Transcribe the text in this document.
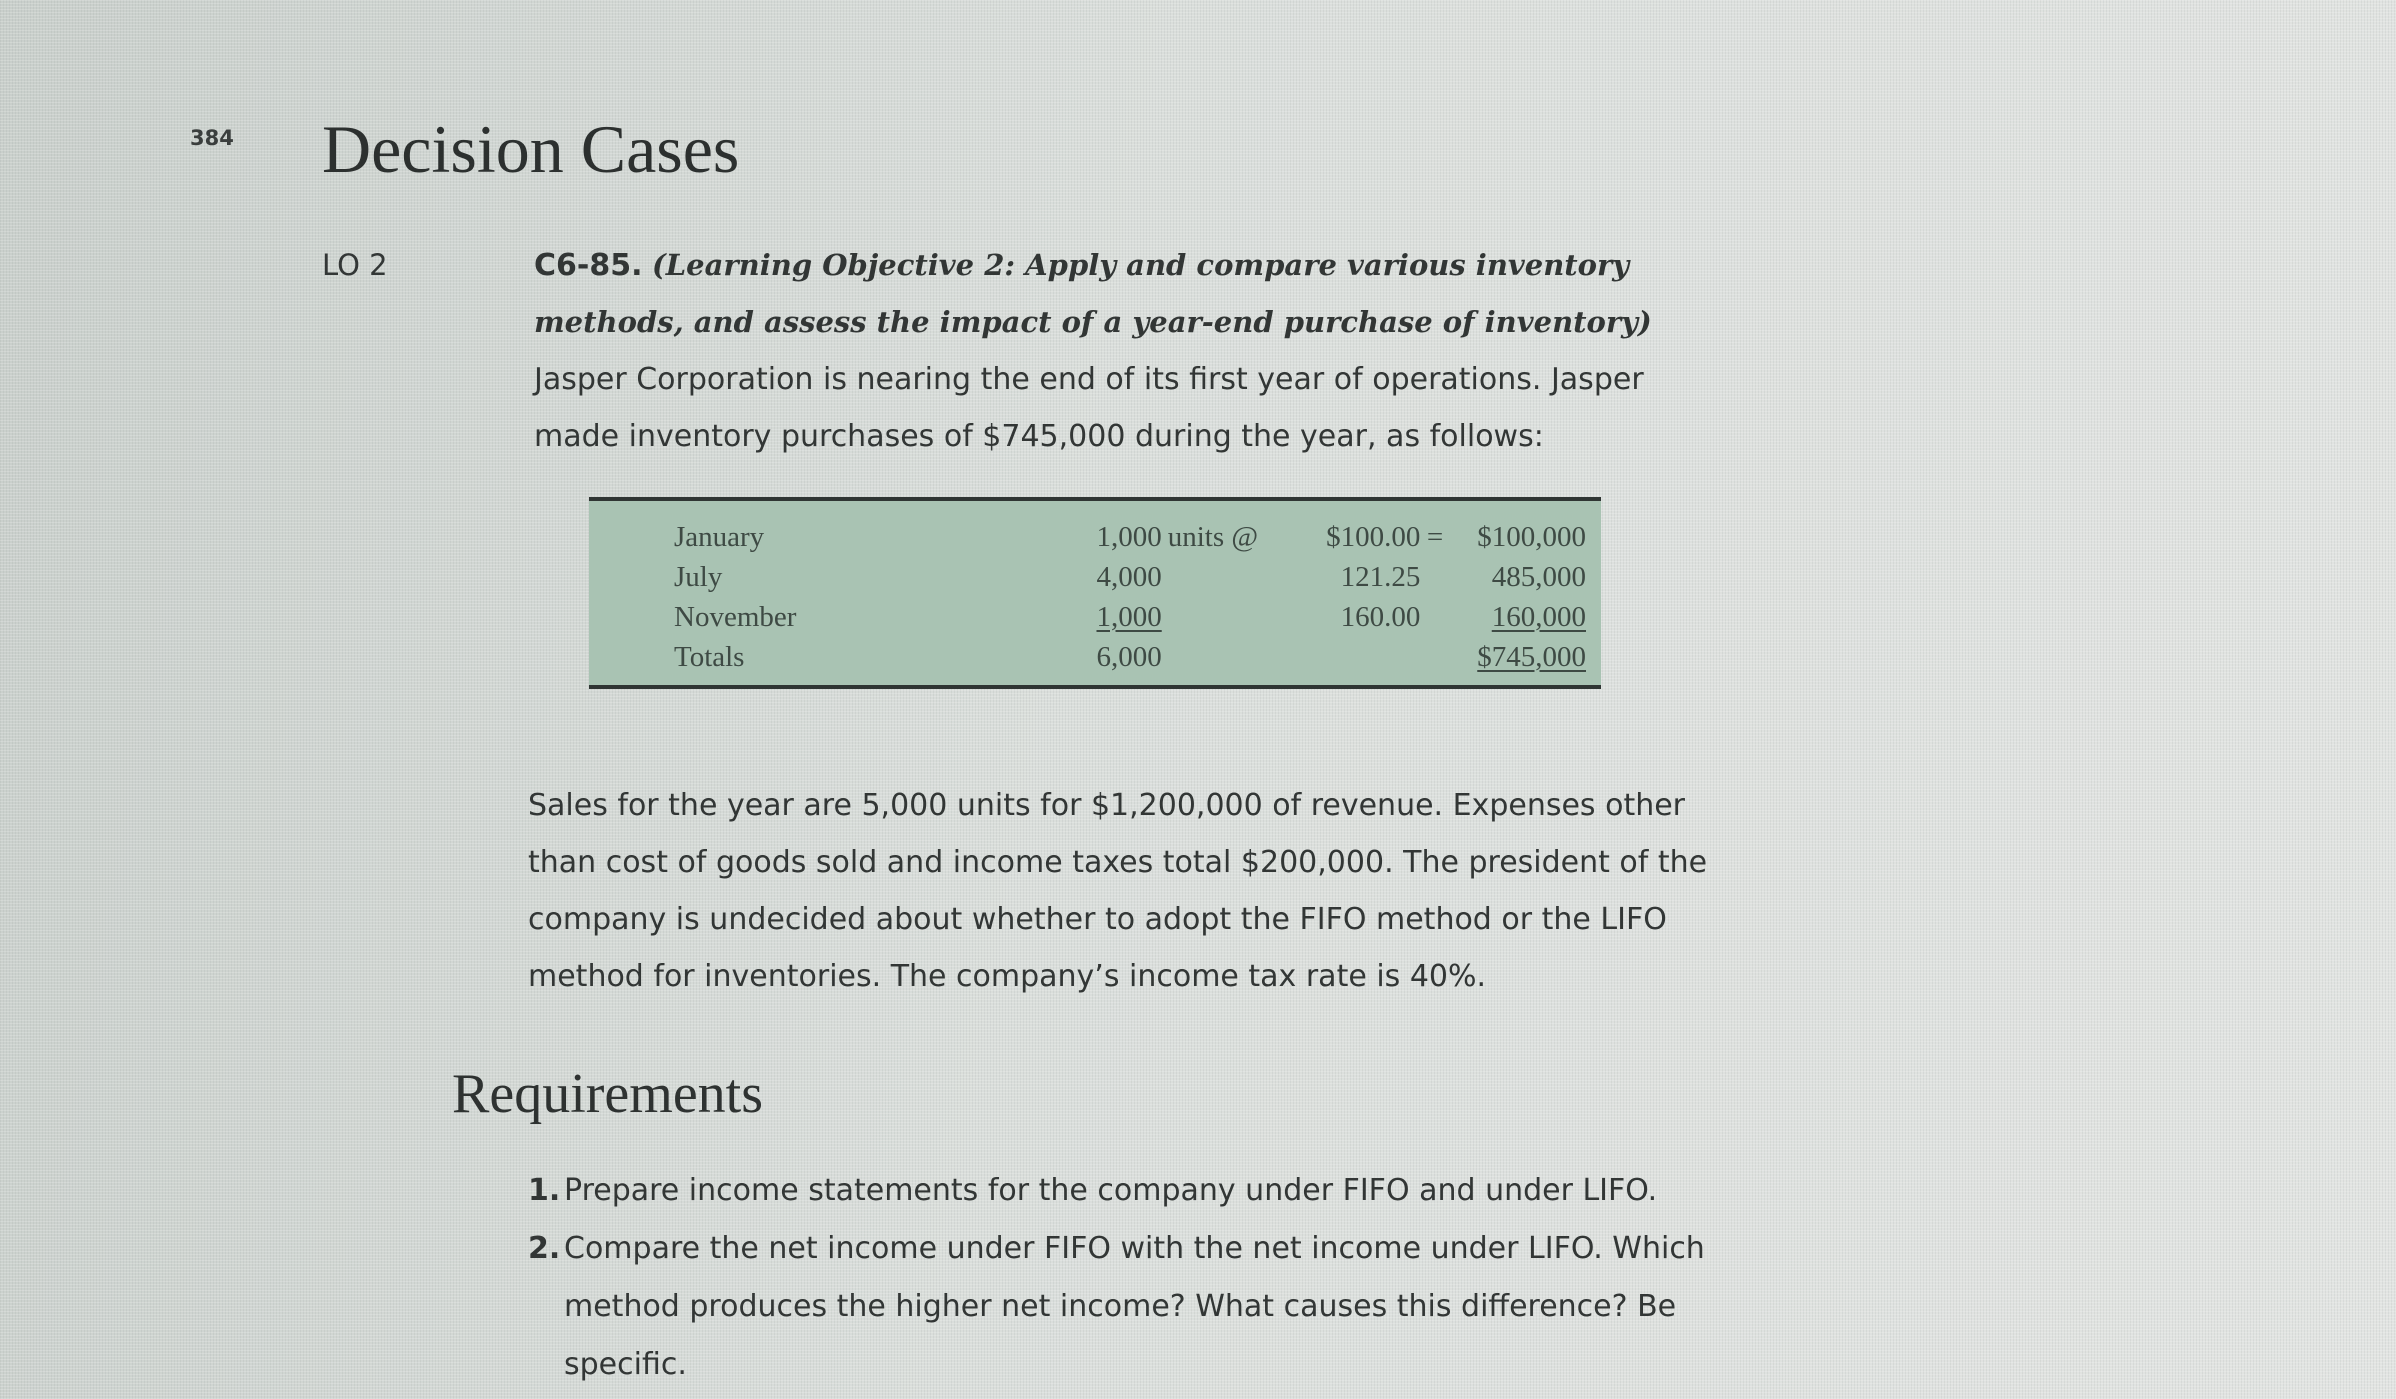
384 Decision Cases
LO 2	C6-85. (Learning Objective 2: Apply and compare various inventory methods, and assess the impact of a year-end purchase of inventory) Jasper Corporation is nearing the end of its first year of operations. Jasper made inventory purchases of $745,000 during the year, as follows:

January	1,000	units @	$100.00	=	$100,000
July	4,000		121.25		485,000
November	1,000		160.00		160,000
Totals	6,000				$745,000

Sales for the year are 5,000 units for $1,200,000 of revenue. Expenses other than cost of goods sold and income taxes total $200,000. The president of the company is undecided about whether to adopt the FIFO method or the LIFO method for inventories. The company’s income tax rate is 40%.

Requirements
1. Prepare income statements for the company under FIFO and under LIFO.
2. Compare the net income under FIFO with the net income under LIFO. Which method produces the higher net income? What causes this difference? Be specific.
